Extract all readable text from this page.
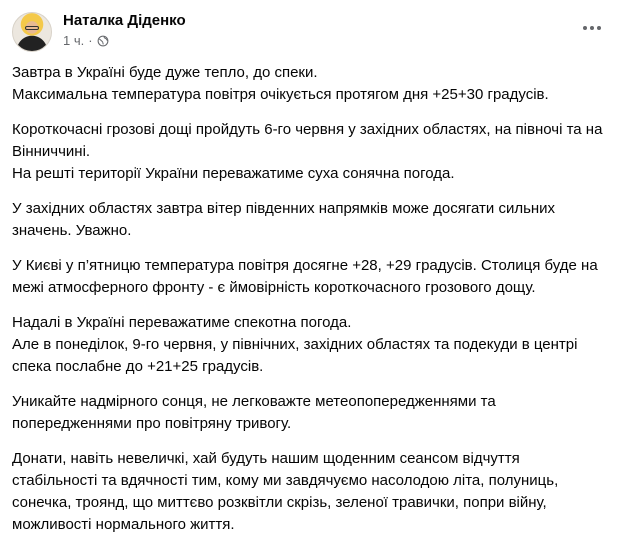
Наталка Діденко
1 ч. ·

Завтра в Україні буде дуже тепло, до спеки.
Максимальна температура повітря очікується протягом дня +25+30 градусів.

Короткочасні грозові дощі пройдуть 6-го червня у західних областях, на півночі та на Вінниччині.
На решті території України переважатиме суха сонячна погода.

У західних областях завтра вітер південних напрямків може досягати сильних значень. Уважно.

У Києві у п’ятницю температура повітря досягне +28, +29 градусів. Столиця буде на межі атмосферного фронту - є ймовірність короткочасного грозового дощу.

Надалі в Україні переважатиме спекотна погода.
Але в понеділок, 9-го червня, у північних, західних областях та подекуди в центрі спека послабне до +21+25 градусів.

Уникайте надмірного сонця, не легковажте метеопопередженнями та попередженнями про повітряну тривогу.

Донати, навіть невеличкі, хай будуть нашим щоденним сеансом відчуття стабільності та вдячності тим, кому ми завдячуємо насолодою літа, полуниць, сонечка, троянд, що миттєво розквітли скрізь, зеленої травички, попри війну, можливості нормального життя.
